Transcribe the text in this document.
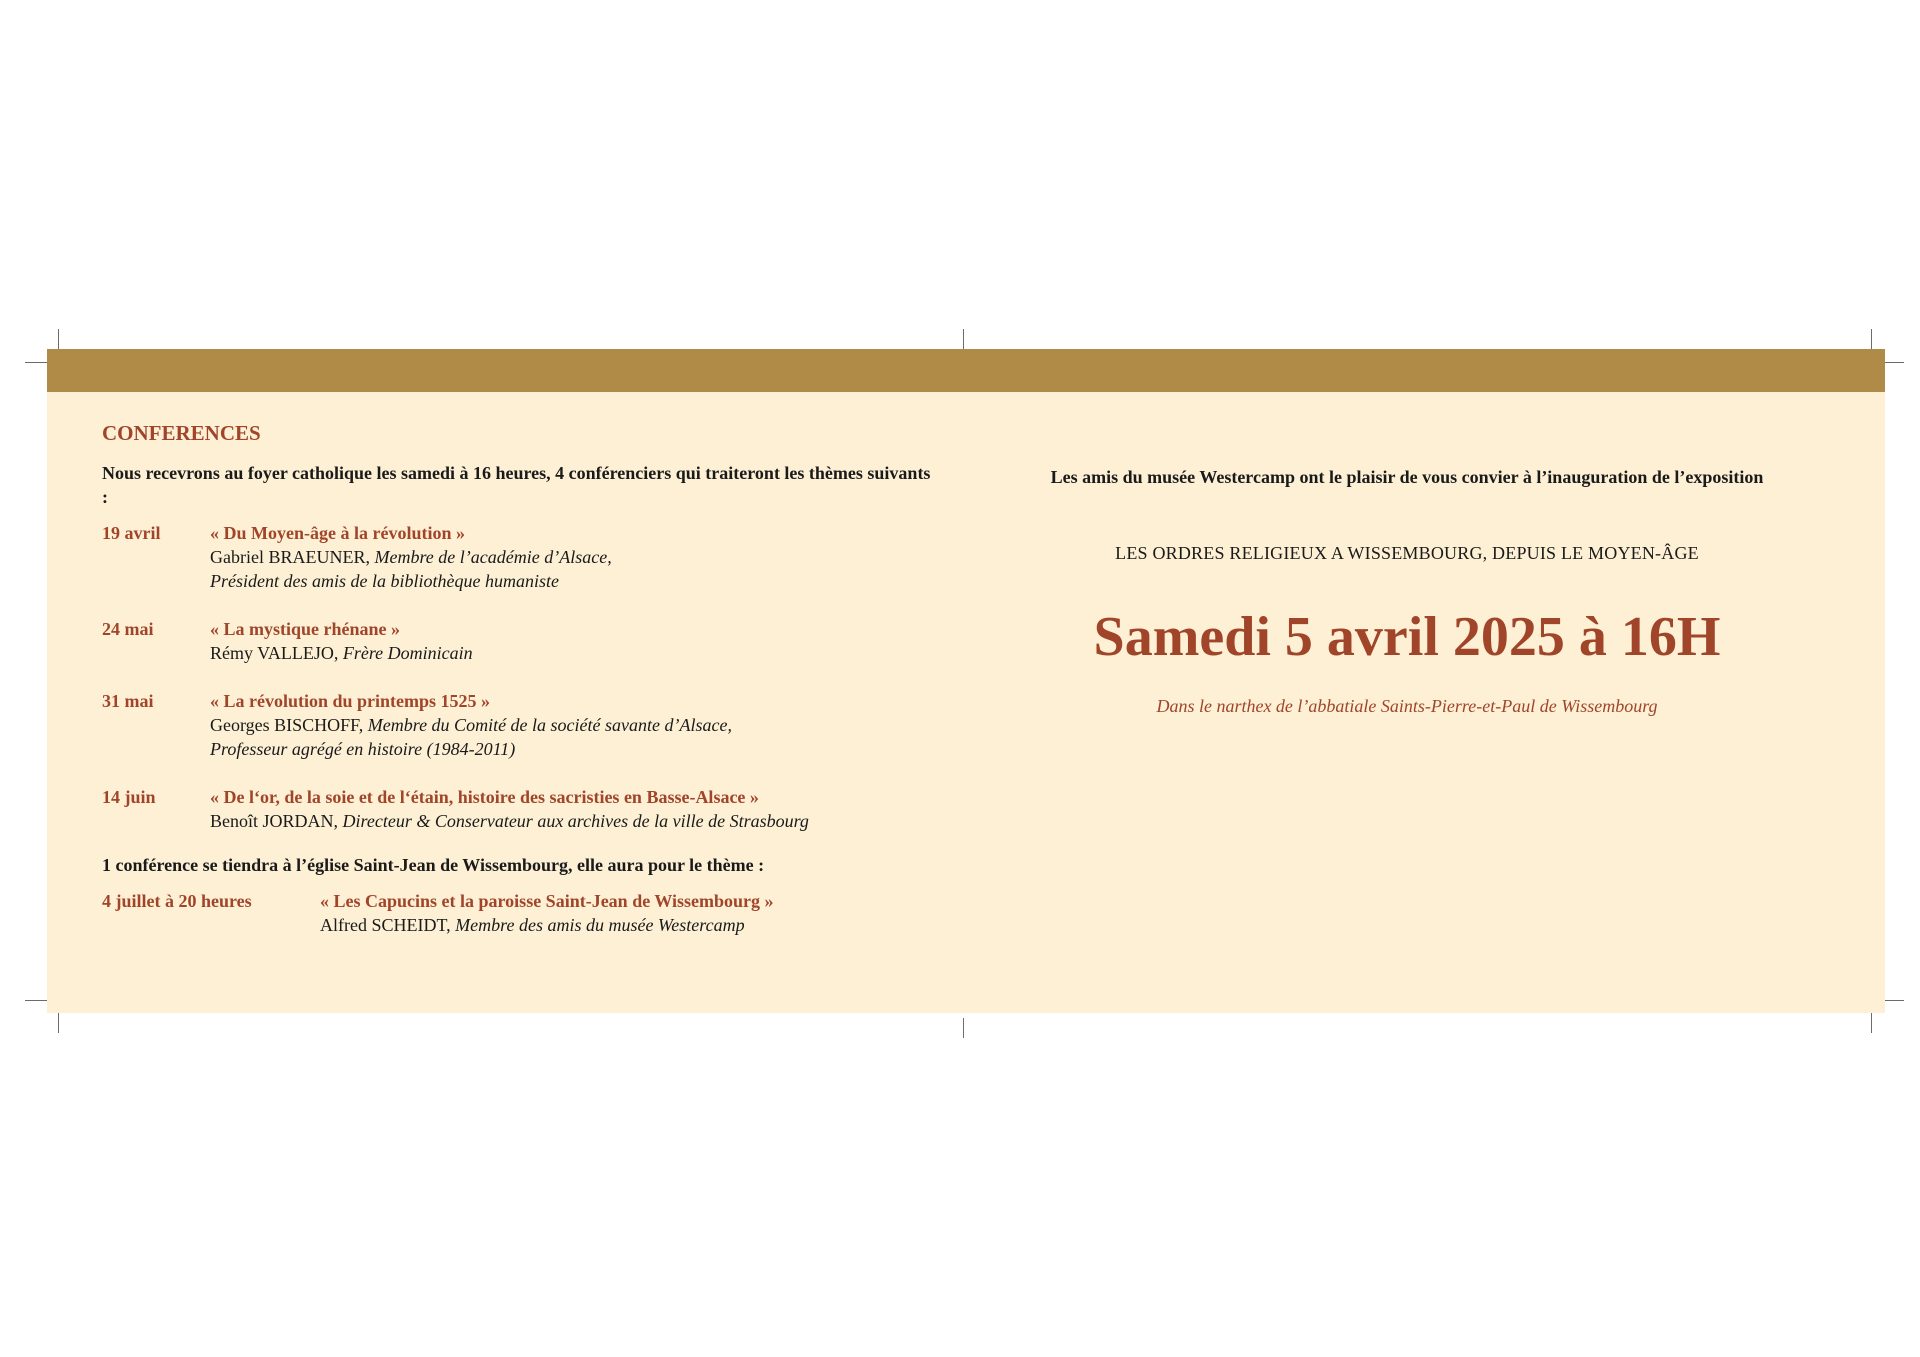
CONFERENCES
Nous recevrons au foyer catholique les samedi à 16 heures, 4 conférenciers qui traiteront les thèmes suivants :
19 avril	« Du Moyen-âge à la révolution »
Gabriel BRAEUNER, Membre de l’académie d’Alsace,
Président des amis de la bibliothèque humaniste
24 mai	« La mystique rhénane »
Rémy VALLEJO, Frère Dominicain
31 mai	« La révolution du printemps 1525 »
Georges BISCHOFF, Membre du Comité de la société savante d’Alsace,
Professeur agrégé en histoire (1984-2011)
14 juin	« De l‘or, de la soie et de l‘étain, histoire des sacristies en Basse-Alsace »
Benoît JORDAN, Directeur & Conservateur aux archives de la ville de Strasbourg
1 conférence se tiendra à l’église Saint-Jean de Wissembourg, elle aura pour le thème :
4 juillet à 20 heures	« Les Capucins et la paroisse Saint-Jean de Wissembourg »
Alfred SCHEIDT, Membre des amis du musée Westercamp
Les amis du musée Westercamp ont le plaisir de vous convier à l’inauguration de l’exposition
LES ORDRES RELIGIEUX A WISSEMBOURG, DEPUIS LE MOYEN-ÂGE
Samedi 5 avril 2025 à 16H
Dans le narthex de l’abbatiale Saints-Pierre-et-Paul de Wissembourg
